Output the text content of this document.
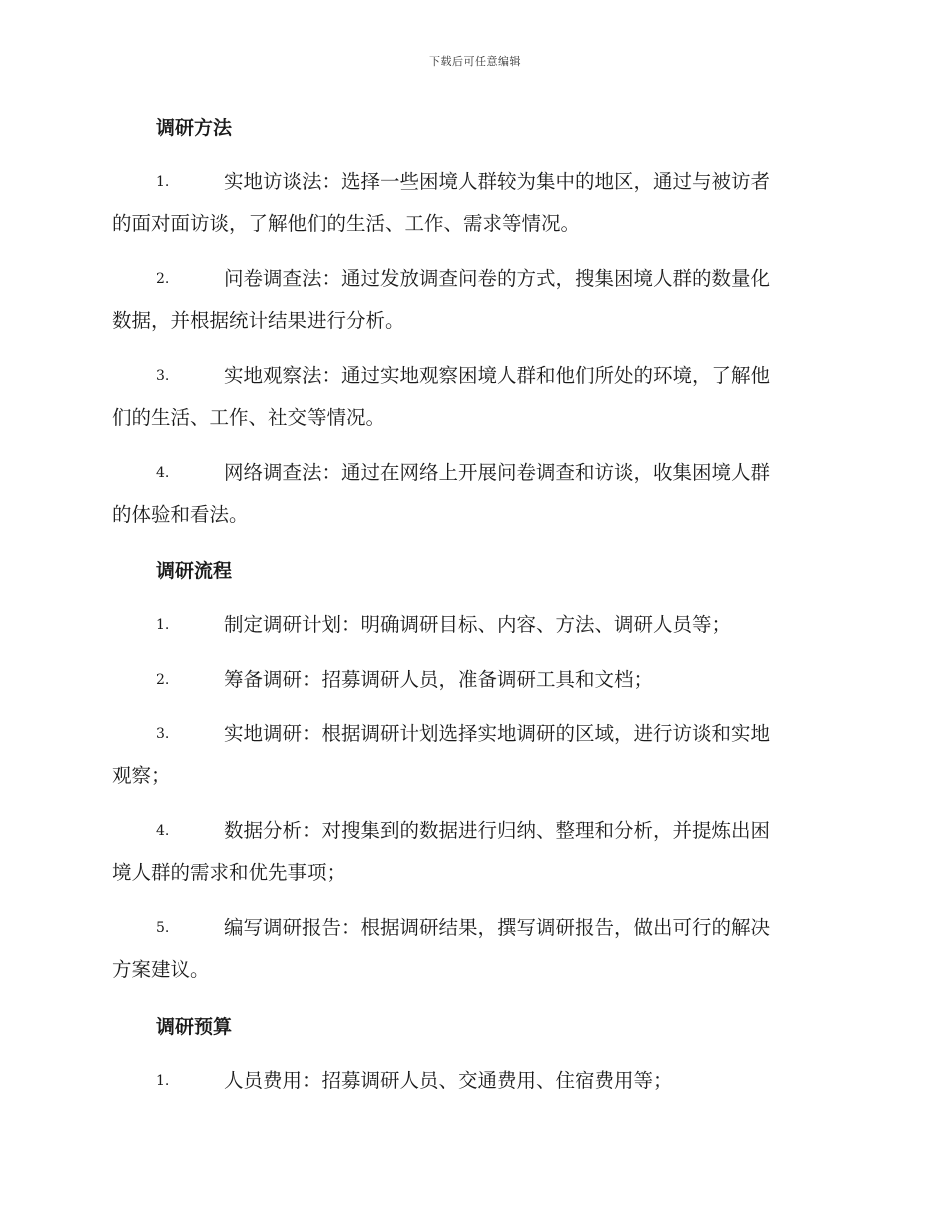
下载后可任意编辑
调研方法
1.	实地访谈法：选择一些困境人群较为集中的地区，通过与被访者
的面对面访谈，了解他们的生活、工作、需求等情况。
2.	问卷调查法：通过发放调查问卷的方式，搜集困境人群的数量化
数据，并根据统计结果进行分析。
3.	实地观察法：通过实地观察困境人群和他们所处的环境，了解他
们的生活、工作、社交等情况。
4.	网络调查法：通过在网络上开展问卷调查和访谈，收集困境人群
的体验和看法。
调研流程
1.	制定调研计划：明确调研目标、内容、方法、调研人员等；
2.	筹备调研：招募调研人员，准备调研工具和文档；
3.	实地调研：根据调研计划选择实地调研的区域，进行访谈和实地
观察；
4.	数据分析：对搜集到的数据进行归纳、整理和分析，并提炼出困
境人群的需求和优先事项；
5.	编写调研报告：根据调研结果，撰写调研报告，做出可行的解决
方案建议。
调研预算
1.	人员费用：招募调研人员、交通费用、住宿费用等；
